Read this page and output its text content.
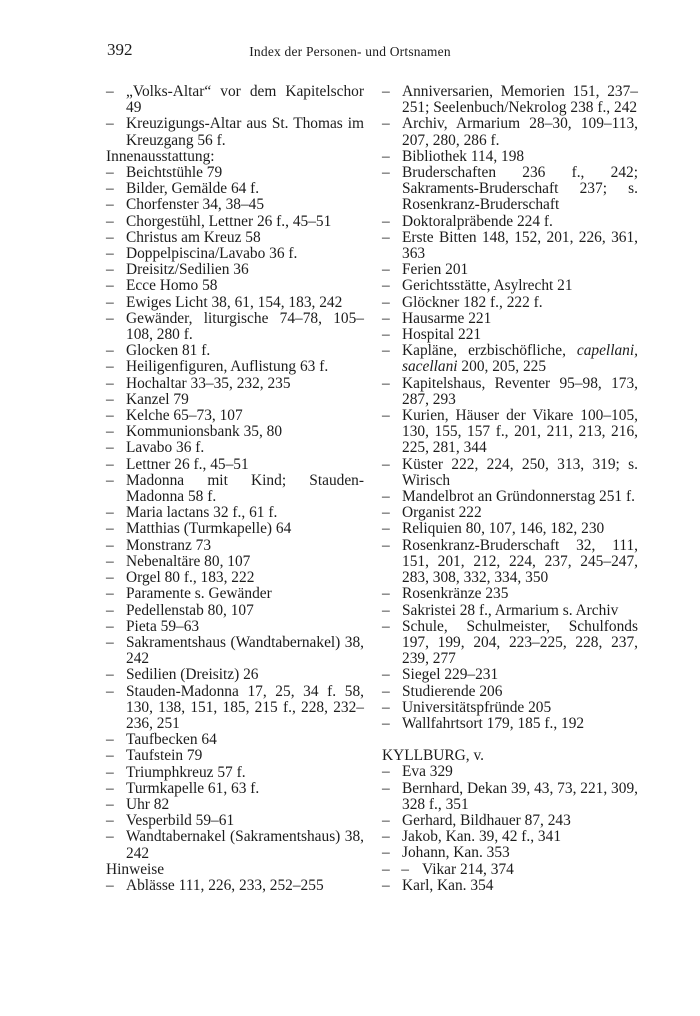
392	Index der Personen- und Ortsnamen
– „Volks-Altar“ vor dem Kapitelschor 49
– Kreuzigungs-Altar aus St. Thomas im Kreuzgang 56 f.
Innenausstattung:
– Beichtstühle 79
– Bilder, Gemälde 64 f.
– Chorfenster 34, 38–45
– Chorgestühl, Lettner 26 f., 45–51
– Christus am Kreuz 58
– Doppelpiscina/Lavabo 36 f.
– Dreisitz/Sedilien 36
– Ecce Homo 58
– Ewiges Licht 38, 61, 154, 183, 242
– Gewänder, liturgische 74–78, 105–108, 280 f.
– Glocken 81 f.
– Heiligenfiguren, Auflistung 63 f.
– Hochaltar 33–35, 232, 235
– Kanzel 79
– Kelche 65–73, 107
– Kommunionsbank 35, 80
– Lavabo 36 f.
– Lettner 26 f., 45–51
– Madonna mit Kind; Stauden-Madonna 58 f.
– Maria lactans 32 f., 61 f.
– Matthias (Turmkapelle) 64
– Monstranz 73
– Nebenaltäre 80, 107
– Orgel 80 f., 183, 222
– Paramente s. Gewänder
– Pedellenstab 80, 107
– Pieta 59–63
– Sakramentshaus (Wandtabernakel) 38, 242
– Sedilien (Dreisitz) 26
– Stauden-Madonna 17, 25, 34 f. 58, 130, 138, 151, 185, 215 f., 228, 232–236, 251
– Taufbecken 64
– Taufstein 79
– Triumphkreuz 57 f.
– Turmkapelle 61, 63 f.
– Uhr 82
– Vesperbild 59–61
– Wandtabernakel (Sakramentshaus) 38, 242
Hinweise
– Ablässe 111, 226, 233, 252–255
– Anniversarien, Memorien 151, 237–251; Seelenbuch/Nekrolog 238 f., 242
– Archiv, Armarium 28–30, 109–113, 207, 280, 286 f.
– Bibliothek 114, 198
– Bruderschaften 236 f., 242; Sakraments-Bruderschaft 237; s. Rosenkranz-Bruderschaft
– Doktoralpräbende 224 f.
– Erste Bitten 148, 152, 201, 226, 361, 363
– Ferien 201
– Gerichtsstätte, Asylrecht 21
– Glöckner 182 f., 222 f.
– Hausarme 221
– Hospital 221
– Kapläne, erzbischöfliche, capellani, sacellani 200, 205, 225
– Kapitelshaus, Reventer 95–98, 173, 287, 293
– Kurien, Häuser der Vikare 100–105, 130, 155, 157 f., 201, 211, 213, 216, 225, 281, 344
– Küster 222, 224, 250, 313, 319; s. Wirisch
– Mandelbrot an Gründonnerstag 251 f.
– Organist 222
– Reliquien 80, 107, 146, 182, 230
– Rosenkranz-Bruderschaft 32, 111, 151, 201, 212, 224, 237, 245–247, 283, 308, 332, 334, 350
– Rosenkränze 235
– Sakristei 28 f., Armarium s. Archiv
– Schule, Schulmeister, Schulfonds 197, 199, 204, 223–225, 228, 237, 239, 277
– Siegel 229–231
– Studierende 206
– Universitätspfründe 205
– Wallfahrtsort 179, 185 f., 192
KYLLBURG, v.
– Eva 329
– Bernhard, Dekan 39, 43, 73, 221, 309, 328 f., 351
– Gerhard, Bildhauer 87, 243
– Jakob, Kan. 39, 42 f., 341
– Johann, Kan. 353
– – Vikar 214, 374
– Karl, Kan. 354
